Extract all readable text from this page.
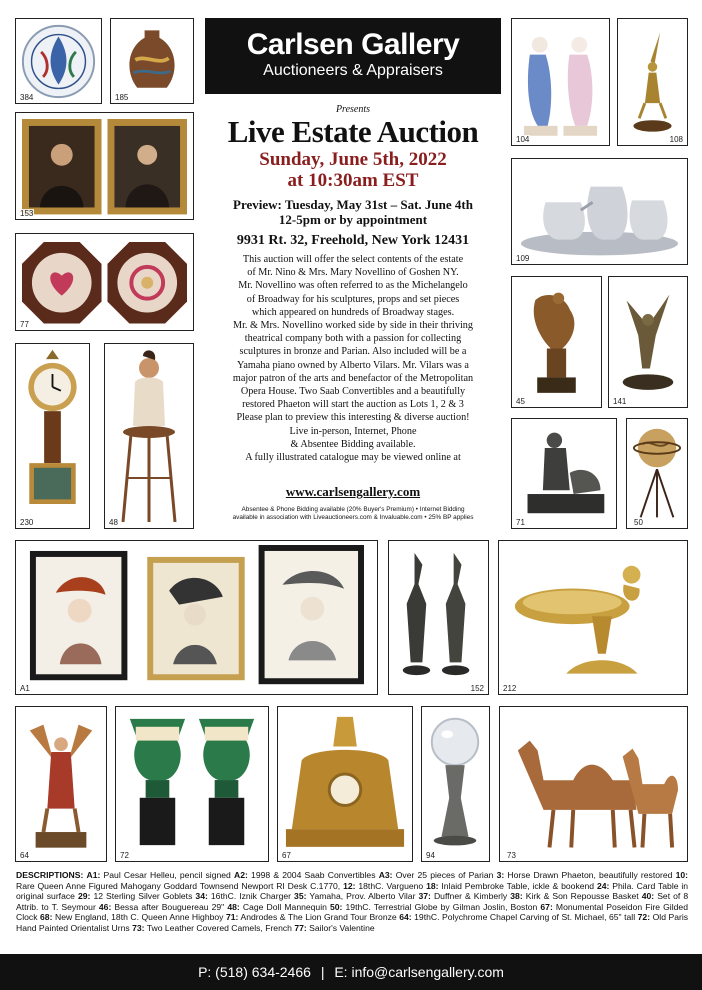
Carlsen Gallery
Auctioneers & Appraisers
Presents
Live Estate Auction
Sunday, June 5th, 2022
at 10:30am EST
Preview: Tuesday, May 31st – Sat. June 4th
12-5pm or by appointment
9931 Rt. 32, Freehold, New York 12431
This auction will offer the select contents of the estate
of Mr. Nino & Mrs. Mary Novellino of Goshen NY.
Mr. Novellino was often referred to as the Michelangelo
of Broadway for his sculptures, props and set pieces
which appeared on hundreds of Broadway stages.
Mr. & Mrs. Novellino worked side by side in their thriving
theatrical company both with a passion for collecting
sculptures in bronze and Parian. Also included will be a
Yamaha piano owned by Alberto Vilars. Mr. Vilars was a
major patron of the arts and benefactor of the Metropolitan
Opera House. Two Saab Convertibles and a beautifully
restored Phaeton will start the auction as Lots 1, 2 & 3
Please plan to preview this interesting & diverse auction!
Live in-person, Internet, Phone
& Absentee Bidding available.
A fully illustrated catalogue may be viewed online at
www.carlsengallery.com
Absentee & Phone Bidding available (20% Buyer's Premium) • Internet Bidding
available in association with Liveauctioneers.com & Invaluable.com • 25% BP applies
384	185
153
77
230	48
104	108
109
45	141
71	50
A1	152 212
64	72	67	94	73
DESCRIPTIONS: A1: Paul Cesar Helleu, pencil signed A2: 1998 & 2004 Saab Convertibles A3: Over 25 pieces of Parian 3: Horse Drawn Phaeton, beautifully restored 10: Rare Queen Anne Figured Mahogany Goddard Townsend Newport RI Desk C.1770, 12: 18thC. Vargueno 18: Inlaid Pembroke Table, ickle & bookend 24: Phila. Card Table in original surface 29: 12 Sterling Silver Goblets 34: 16thC. Iznik Charger 35: Yamaha, Prov. Alberto Vilar 37: Duffner & Kimberly 38: Kirk & Son Repousse Basket 40: Set of 8 Attrib. to T. Seymour 46: Bessa after Bouguereau 29" 48: Cage Doll Mannequin 50: 19thC. Terrestrial Globe by Gilman Joslin, Boston 67: Monumental Poseidon Fire Gilded Clock 68: New England, 18th C. Queen Anne Highboy 71: Androdes & The Lion Grand Tour Bronze 64: 19thC. Polychrome Chapel Carving of St. Michael, 65" tall 72: Old Paris Hand Painted Orientalist Urns 73: Two Leather Covered Camels, French 77: Sailor's Valentine
P: (518) 634-2466 | E: info@carlsengallery.com
